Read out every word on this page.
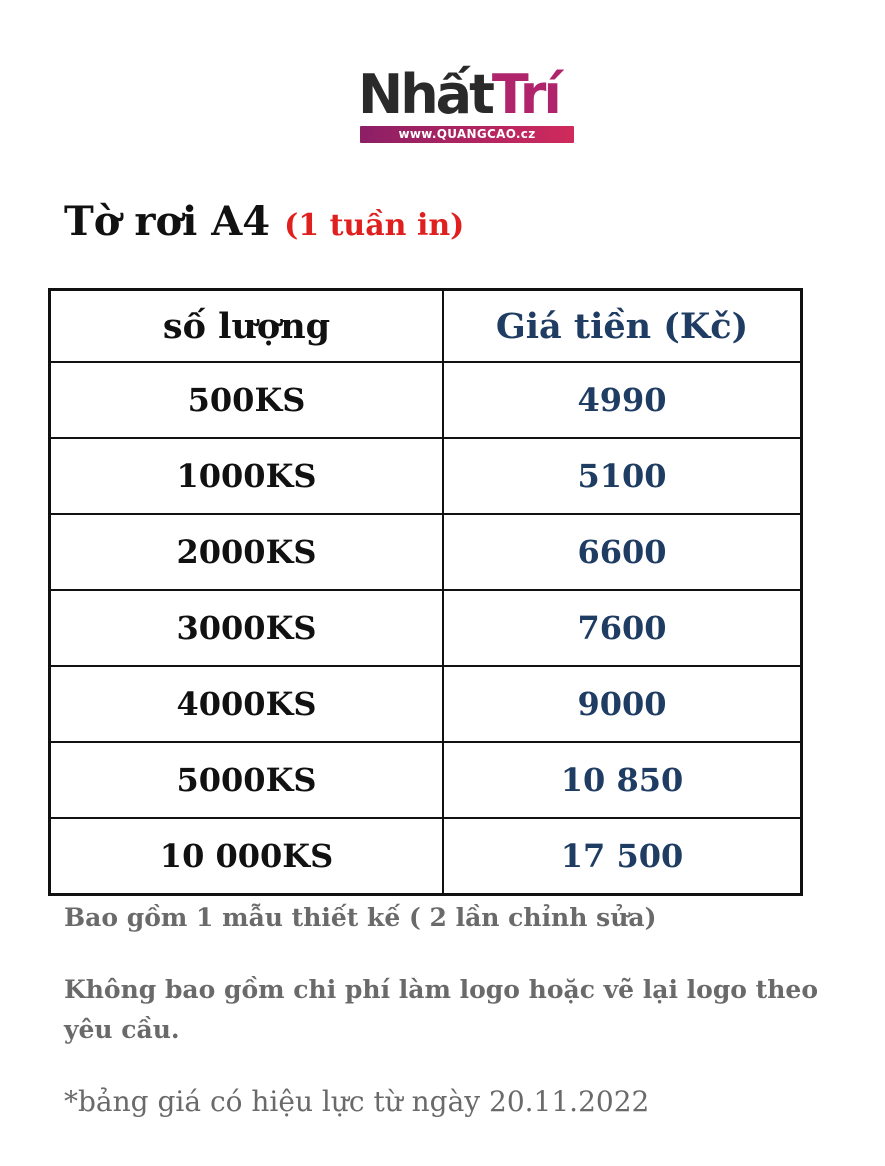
NhấtTrí
www.QUANGCAO.cz
Tờ rơi A4 (1 tuần in)
số lượng	Giá tiền (Kč)
500KS	4990
1000KS	5100
2000KS	6600
3000KS	7600
4000KS	9000
5000KS	10 850
10 000KS	17 500
Bao gồm 1 mẫu thiết kế ( 2 lần chỉnh sửa)
Không bao gồm chi phí làm logo hoặc vẽ lại logo theo yêu cầu.
*bảng giá có hiệu lực từ ngày 20.11.2022
